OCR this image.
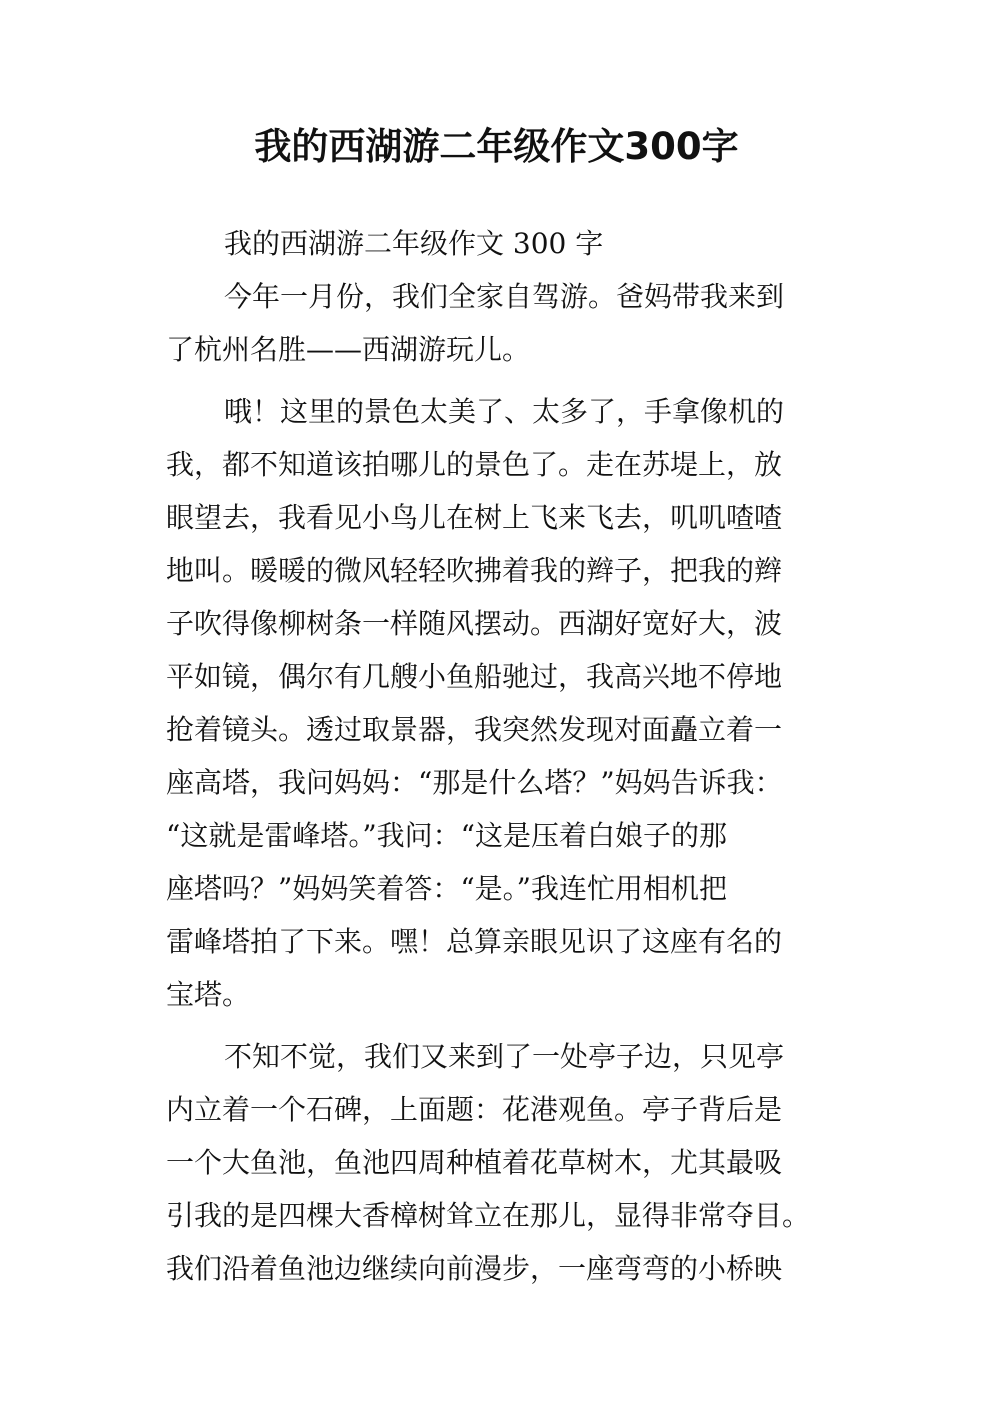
我的西湖游二年级作文300字
我的西湖游二年级作文 300 字
今年一月份，我们全家自驾游。爸妈带我来到
了杭州名胜——西湖游玩儿。
哦！这里的景色太美了、太多了，手拿像机的
我，都不知道该拍哪儿的景色了。走在苏堤上，放
眼望去，我看见小鸟儿在树上飞来飞去，叽叽喳喳
地叫。暖暖的微风轻轻吹拂着我的辫子，把我的辫
子吹得像柳树条一样随风摆动。西湖好宽好大，波
平如镜，偶尔有几艘小鱼船驰过，我高兴地不停地
抢着镜头。透过取景器，我突然发现对面矗立着一
座高塔，我问妈妈：“那是什么塔？”妈妈告诉我：
“这就是雷峰塔。”我问：“这是压着白娘子的那
座塔吗？”妈妈笑着答：“是。”我连忙用相机把
雷峰塔拍了下来。嘿！总算亲眼见识了这座有名的
宝塔。
不知不觉，我们又来到了一处亭子边，只见亭
内立着一个石碑，上面题：花港观鱼。亭子背后是
一个大鱼池，鱼池四周种植着花草树木，尤其最吸
引我的是四棵大香樟树耸立在那儿，显得非常夺目。
我们沿着鱼池边继续向前漫步，一座弯弯的小桥映
